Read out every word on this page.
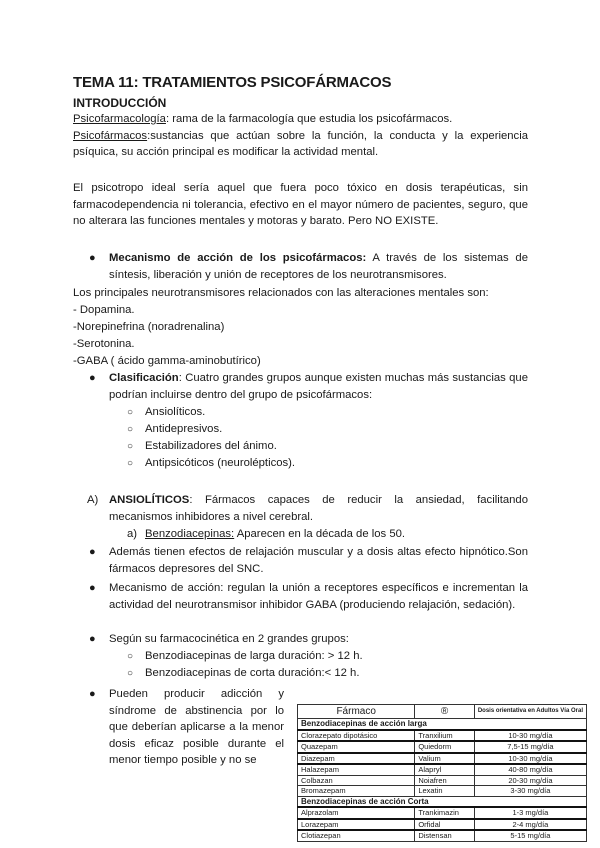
TEMA 11: TRATAMIENTOS PSICOFÁRMACOS
INTRODUCCIÓN
Psicofarmacología: rama de la farmacología que estudia los psicofármacos.
Psicofármacos:sustancias que actúan sobre la función, la conducta y la experiencia psíquica, su acción principal es modificar la actividad mental.
El psicotropo ideal sería aquel que fuera poco tóxico en dosis terapéuticas, sin farmacodependencia ni tolerancia, efectivo en el mayor número de pacientes, seguro, que no alterara las funciones mentales y motoras y barato. Pero NO EXISTE.
● Mecanismo de acción de los psicofármacos: A través de los sistemas de síntesis, liberación y unión de receptores de los neurotransmisores.
Los principales neurotransmisores relacionados con las alteraciones mentales son:
- Dopamina.
-Norepinefrina (noradrenalina)
-Serotonina.
-GABA ( ácido gamma-aminobutírico)
● Clasificación: Cuatro grandes grupos aunque existen muchas más sustancias que podrían incluirse dentro del grupo de psicofármacos:
○ Ansiolíticos.
○ Antidepresivos.
○ Estabilizadores del ánimo.
○ Antipsicóticos (neurolépticos).
A) ANSIOLÍTICOS: Fármacos capaces de reducir la ansiedad, facilitando mecanismos inhibidores a nivel cerebral.
a) Benzodiacepinas: Aparecen en la década de los 50.
● Además tienen efectos de relajación muscular y a dosis altas efecto hipnótico.Son fármacos depresores del SNC.
● Mecanismo de acción: regulan la unión a receptores específicos e incrementan la actividad del neurotransmisor inhibidor GABA (produciendo relajación, sedación).
● Según su farmacocinética en 2 grandes grupos:
○ Benzodiacepinas de larga duración: > 12 h.
○ Benzodiacepinas de corta duración:< 12 h.
● Pueden producir adicción y síndrome de abstinencia por lo que deberían aplicarse a la menor dosis eficaz posible durante el menor tiempo posible y no se
Fármaco	®	Dosis orientativa en Adultos Vía Oral
Benzodiacepinas de acción larga		
Clorazepato dipotásico	Tranxilium	10-30 mg/día
Quazepam	Quiedorm	7,5-15 mg/día
Diazepam	Valium	10-30 mg/día
Halazepam	Alapryl	40-80 mg/día
Colbazan	Noiafren	20-30 mg/día
Bromazepam	Lexatin	3-30 mg/día
Benzodiacepinas de acción Corta		
Alprazolam	Trankimazin	1-3 mg/día
Lorazepam	Orfidal	2-4 mg/día
Clotiazepan	Distensan	5-15 mg/día
